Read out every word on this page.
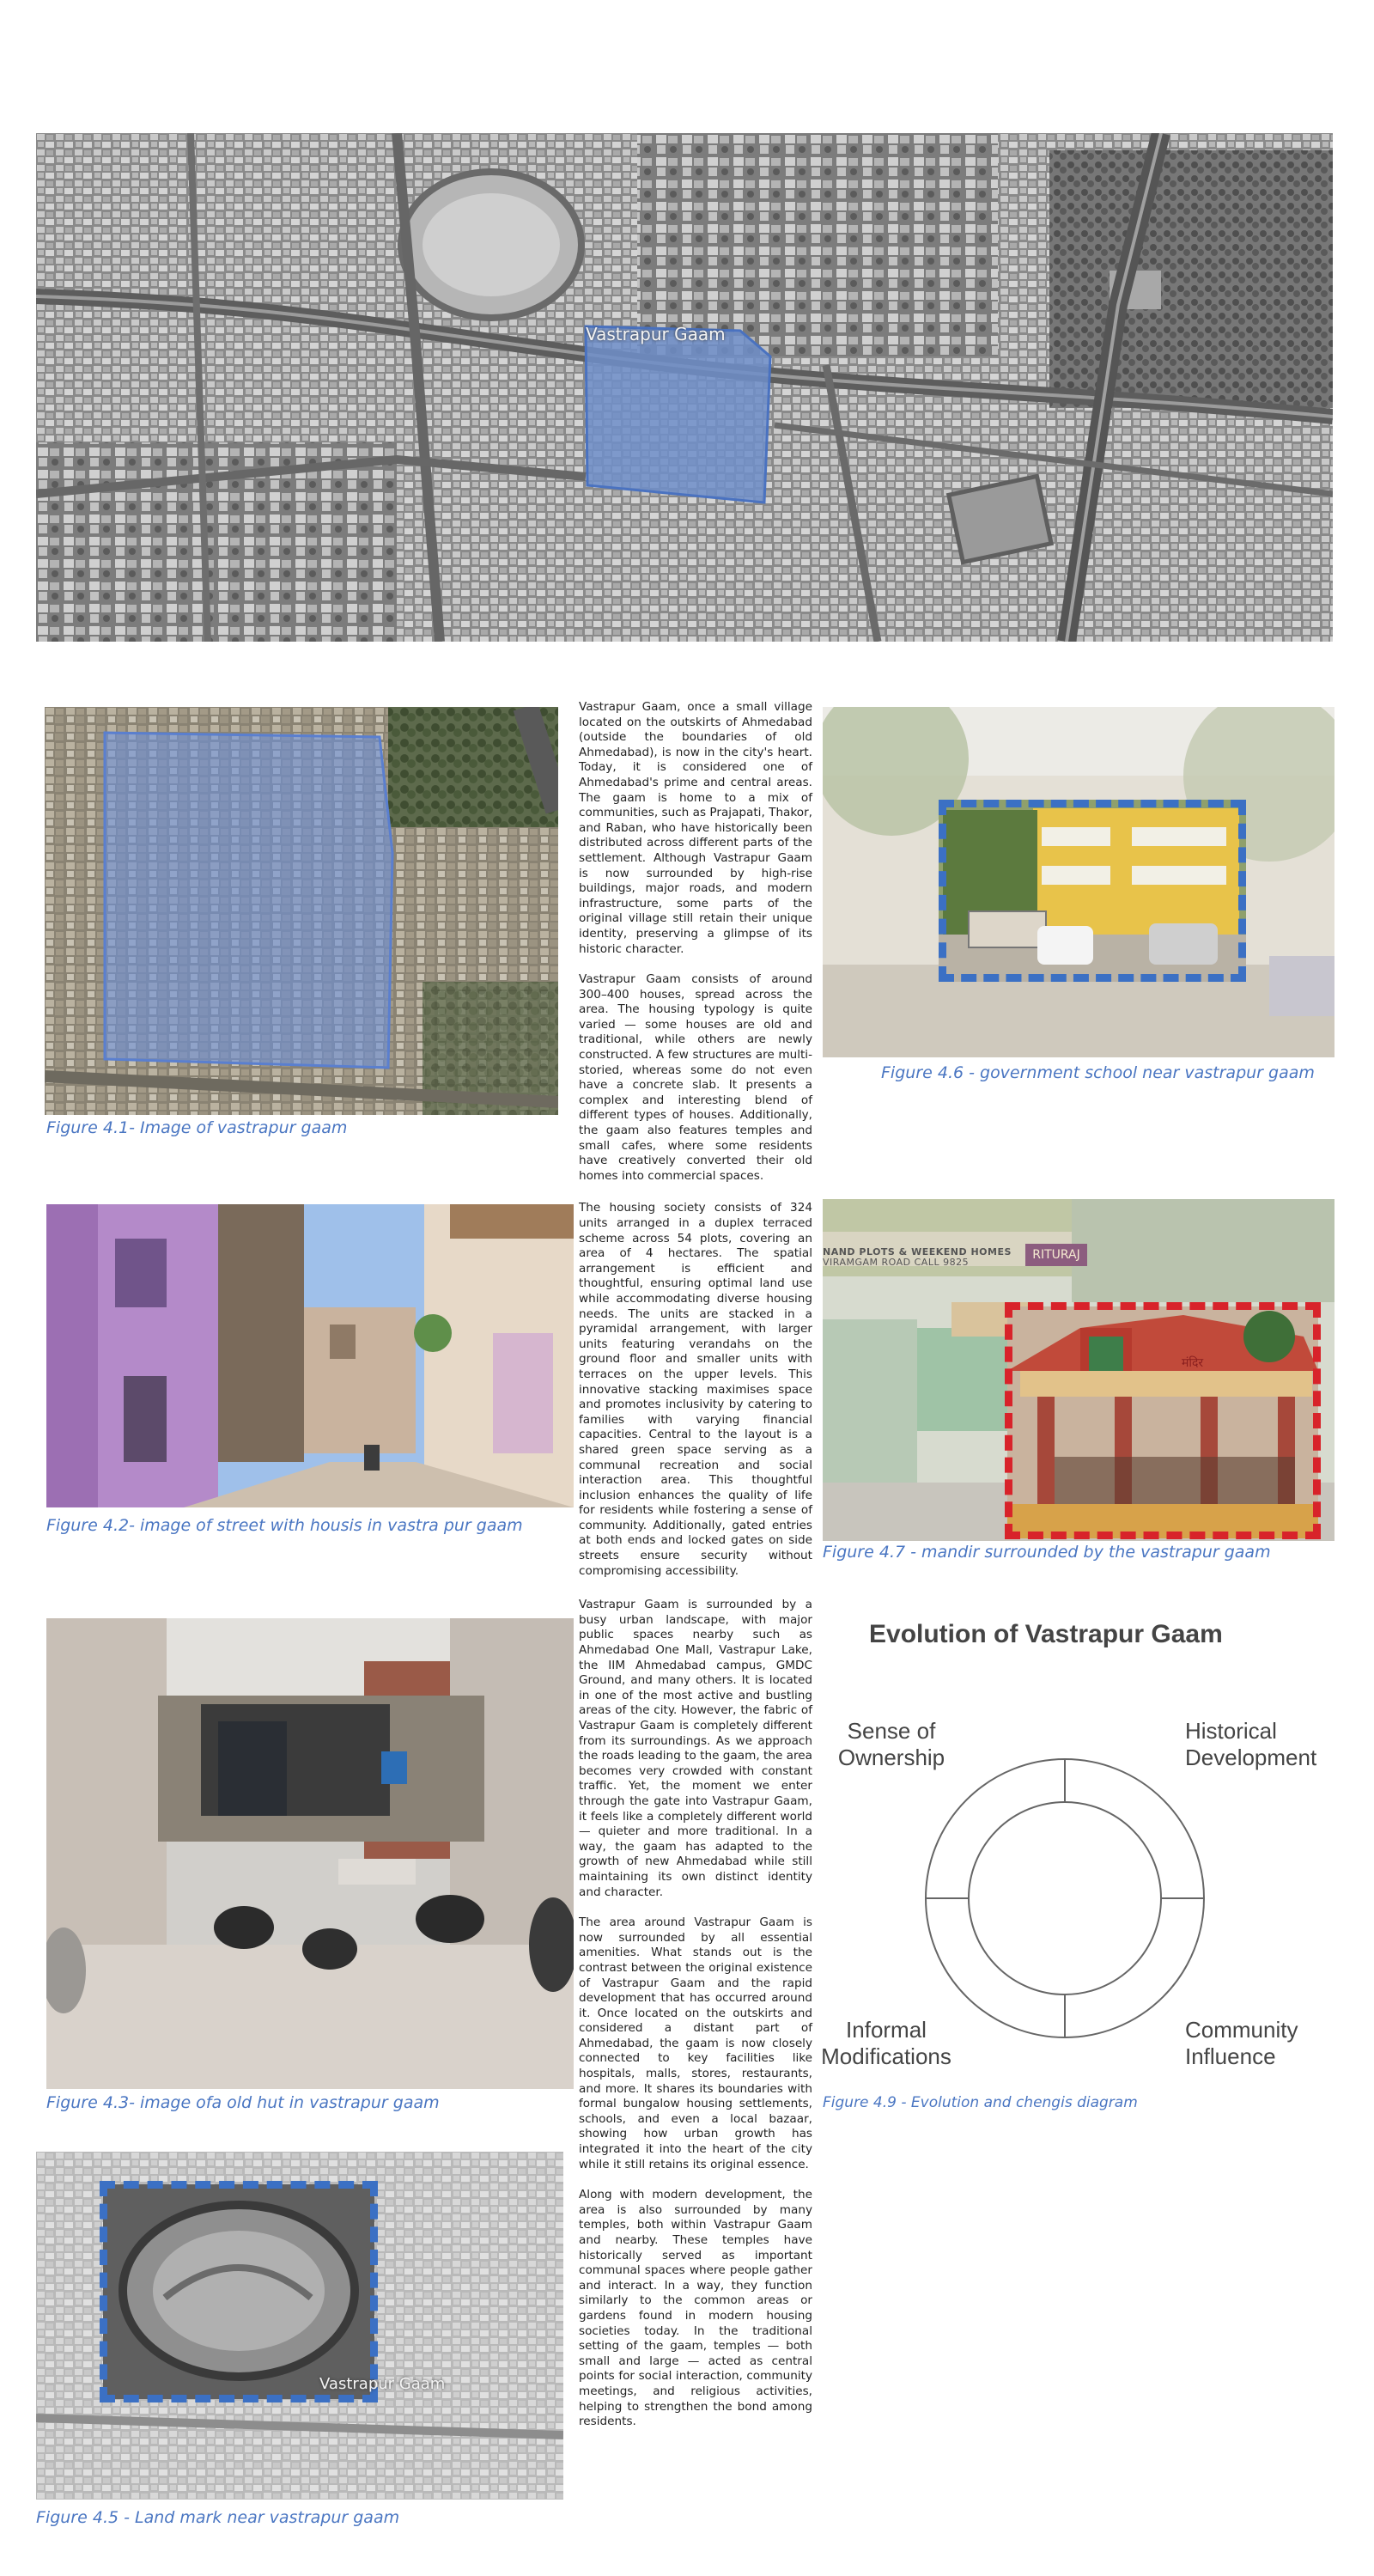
Vastrapur Gaam
Figure 4.1- Image of vastrapur gaam

Vastrapur Gaam, once a small village located on the outskirts of Ahmedabad (outside the boundaries of old Ahmedabad), is now in the city's heart. Today, it is considered one of Ahmedabad's prime and central areas. The gaam is home to a mix of communities, such as Prajapati, Thakor, and Raban, who have historically been distributed across different parts of the settlement. Although Vastrapur Gaam is now surrounded by high-rise buildings, major roads, and modern infrastructure, some parts of the original village still retain their unique identity, preserving a glimpse of its historic character.

Vastrapur Gaam consists of around 300–400 houses, spread across the area. The housing typology is quite varied — some houses are old and traditional, while others are newly constructed. A few structures are multi-storied, whereas some do not even have a concrete slab. It presents a complex and interesting blend of different types of houses. Additionally, the gaam also features temples and small cafes, where some residents have creatively converted their old homes into commercial spaces.

The housing society consists of 324 units arranged in a duplex terraced scheme across 54 plots, covering an area of 4 hectares. The spatial arrangement is efficient and thoughtful, ensuring optimal land use while accommodating diverse housing needs. The units are stacked in a pyramidal arrangement, with larger units featuring verandahs on the ground floor and smaller units with terraces on the upper levels. This innovative stacking maximises space and promotes inclusivity by catering to families with varying financial capacities. Central to the layout is a shared green space serving as a communal recreation and social interaction area. This thoughtful inclusion enhances the quality of life for residents while fostering a sense of community. Additionally, gated entries at both ends and locked gates on side streets ensure security without compromising accessibility.

Vastrapur Gaam is surrounded by a busy urban landscape, with major public spaces nearby such as Ahmedabad One Mall, Vastrapur Lake, the IIM Ahmedabad campus, GMDC Ground, and many others. It is located in one of the most active and bustling areas of the city. However, the fabric of Vastrapur Gaam is completely different from its surroundings. As we approach the roads leading to the gaam, the area becomes very crowded with constant traffic. Yet, the moment we enter through the gate into Vastrapur Gaam, it feels like a completely different world — quieter and more traditional. In a way, the gaam has adapted to the growth of new Ahmedabad while still maintaining its own distinct identity and character.

The area around Vastrapur Gaam is now surrounded by all essential amenities. What stands out is the contrast between the original existence of Vastrapur Gaam and the rapid development that has occurred around it. Once located on the outskirts and considered a distant part of Ahmedabad, the gaam is now closely connected to key facilities like hospitals, malls, stores, restaurants, and more. It shares its boundaries with formal bungalow housing settlements, schools, and even a local bazaar, showing how urban growth has integrated it into the heart of the city while it still retains its original essence.

Along with modern development, the area is also surrounded by many temples, both within Vastrapur Gaam and nearby. These temples have historically served as important communal spaces where people gather and interact. In a way, they function similarly to the common areas or gardens found in modern housing societies today. In the traditional setting of the gaam, temples — both small and large — acted as central points for social interaction, community meetings, and religious activities, helping to strengthen the bond among residents.

Figure 4.6 - government school near vastrapur gaam
Figure 4.2- image of street with housis in vastra pur gaam
मंदिर
NAND PLOTS & WEEKEND HOMES
VIRAMGAM ROAD CALL 9825
RITURAJ
Figure 4.7 - mandir surrounded by the vastrapur gaam
Figure 4.3- image ofa old hut in vastrapur gaam
Evolution of Vastrapur Gaam
Sense of
Ownership
Historical
Development
Informal
Modifications
Community
Influence
Figure 4.9 - Evolution and chengis diagram
Vastrapur Gaam
Figure 4.5 - Land mark near vastrapur gaam
